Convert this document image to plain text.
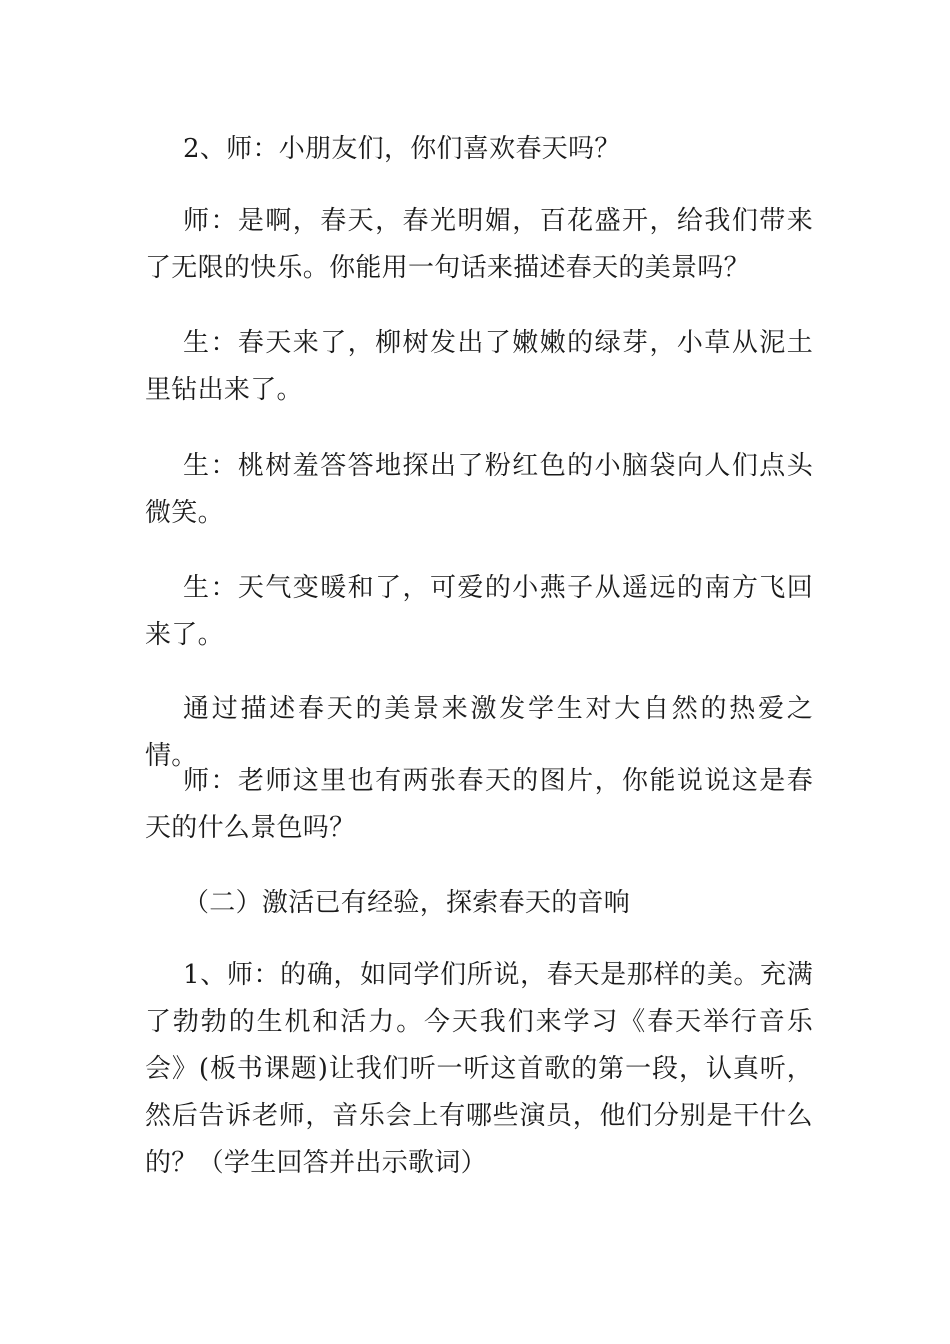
2、师：小朋友们，你们喜欢春天吗？

师：是啊，春天，春光明媚，百花盛开，给我们带来了无限的快乐。你能用一句话来描述春天的美景吗？

生：春天来了，柳树发出了嫩嫩的绿芽，小草从泥土里钻出来了。

生：桃树羞答答地探出了粉红色的小脑袋向人们点头微笑。

生：天气变暖和了，可爱的小燕子从遥远的南方飞回来了。

通过描述春天的美景来激发学生对大自然的热爱之情。

师：老师这里也有两张春天的图片，你能说说这是春天的什么景色吗？

（二）激活已有经验，探索春天的音响

1、师：的确，如同学们所说，春天是那样的美。充满了勃勃的生机和活力。今天我们来学习《春天举行音乐会》(板书课题)让我们听一听这首歌的第一段，认真听，然后告诉老师，音乐会上有哪些演员，他们分别是干什么的？（学生回答并出示歌词）
